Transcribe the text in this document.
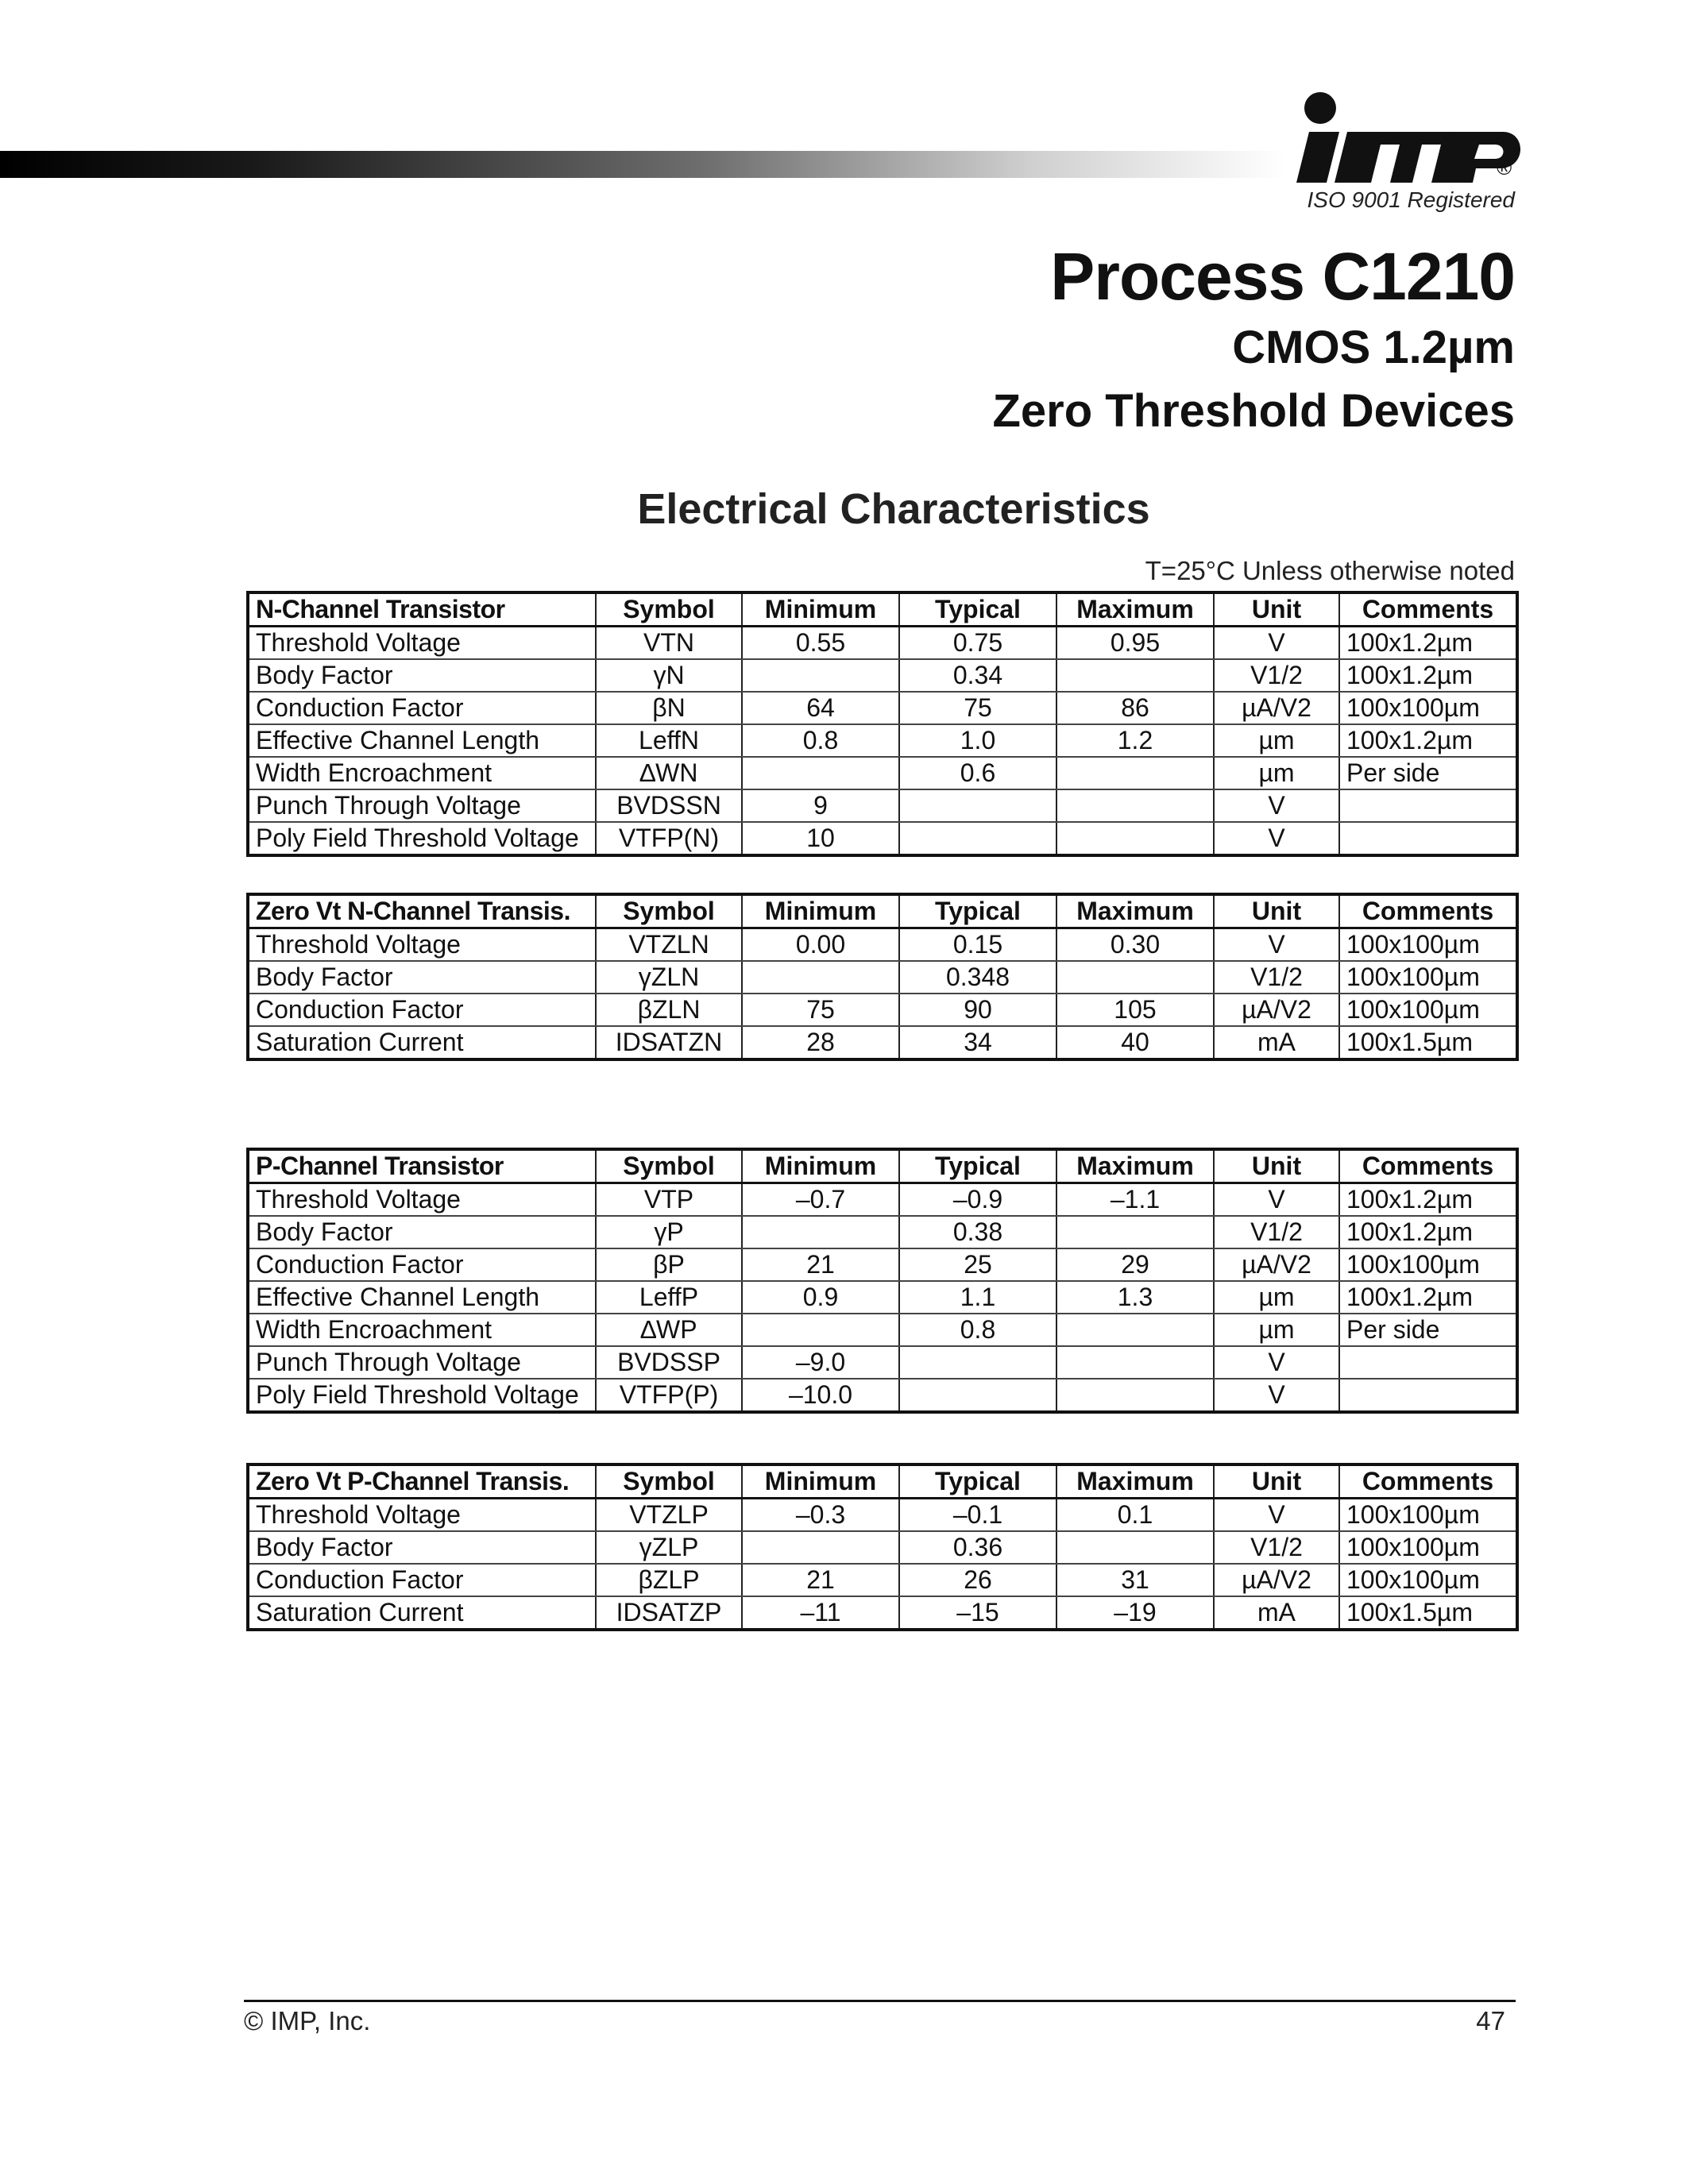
®
ISO 9001 Registered
Process C1210
CMOS 1.2µm
Zero Threshold Devices
Electrical Characteristics
T=25°C Unless otherwise noted
N-Channel Transistor	Symbol	Minimum	Typical	Maximum	Unit	Comments
Threshold Voltage	VTN	0.55	0.75	0.95	V	100x1.2µm
Body Factor	γN		0.34		V1/2	100x1.2µm
Conduction Factor	βN	64	75	86	µA/V2	100x100µm
Effective Channel Length	LeffN	0.8	1.0	1.2	µm	100x1.2µm
Width Encroachment	∆WN		0.6		µm	Per side
Punch Through Voltage	BVDSSN	9			V	
Poly Field Threshold Voltage	VTFP(N)	10			V	
Zero Vt N-Channel Transis.	Symbol	Minimum	Typical	Maximum	Unit	Comments
Threshold Voltage	VTZLN	0.00	0.15	0.30	V	100x100µm
Body Factor	γZLN		0.348		V1/2	100x100µm
Conduction Factor	βZLN	75	90	105	µA/V2	100x100µm
Saturation Current	IDSATZN	28	34	40	mA	100x1.5µm
P-Channel Transistor	Symbol	Minimum	Typical	Maximum	Unit	Comments
Threshold Voltage	VTP	–0.7	–0.9	–1.1	V	100x1.2µm
Body Factor	γP		0.38		V1/2	100x1.2µm
Conduction Factor	βP	21	25	29	µA/V2	100x100µm
Effective Channel Length	LeffP	0.9	1.1	1.3	µm	100x1.2µm
Width Encroachment	∆WP		0.8		µm	Per side
Punch Through Voltage	BVDSSP	–9.0			V	
Poly Field Threshold Voltage	VTFP(P)	–10.0			V	
Zero Vt P-Channel Transis.	Symbol	Minimum	Typical	Maximum	Unit	Comments
Threshold Voltage	VTZLP	–0.3	–0.1	0.1	V	100x100µm
Body Factor	γZLP		0.36		V1/2	100x100µm
Conduction Factor	βZLP	21	26	31	µA/V2	100x100µm
Saturation Current	IDSATZP	–11	–15	–19	mA	100x1.5µm
© IMP, Inc.	47
